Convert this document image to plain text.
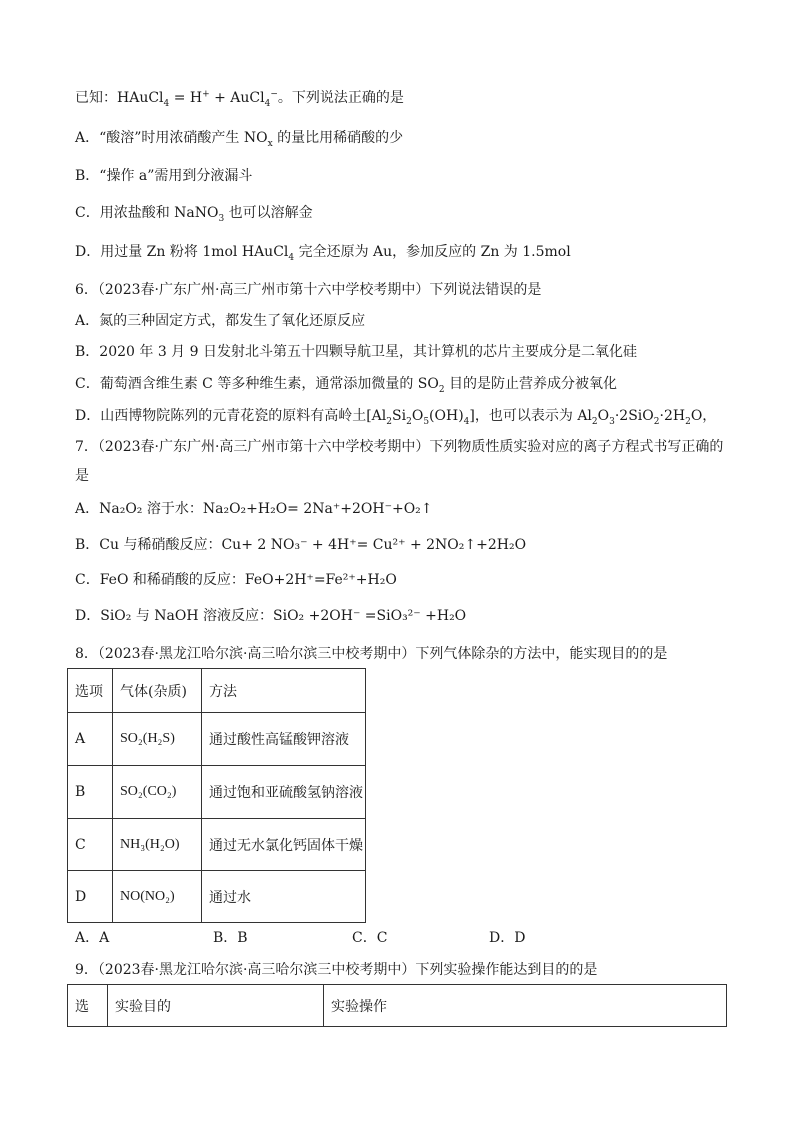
已知：HAuCl$_4$ = H+ + AuCl$_4$−。下列说法正确的是
A．“酸溶”时用浓硝酸产生 $NO_x$ 的量比用稀硝酸的少
B．“操作 a”需用到分液漏斗
C．用浓盐酸和 NaNO$_3$ 也可以溶解金
D．用过量 Zn 粉将 1mol HAuCl$_4$ 完全还原为 Au，参加反应的 Zn 为 1.5mol
6．（2023春·广东广州·高三广州市第十六中学校考期中）下列说法错误的是
A．氮的三种固定方式，都发生了氧化还原反应
B．2020 年 3 月 9 日发射北斗第五十四颗导航卫星，其计算机的芯片主要成分是二氧化硅
C．葡萄酒含维生素 C 等多种维生素，通常添加微量的 $SO_2$ 目的是防止营养成分被氧化
D．山西博物院陈列的元青花瓷的原料有高岭土$[Al_2Si_2O_5(OH)_4]$，也可以表示为 $Al_2O_3\cdot 2SiO_2\cdot 2H_2O$，
7．（2023春·广东广州·高三广州市第十六中学校考期中）下列物质性质实验对应的离子方程式书写正确的
是
A．Na₂O₂ 溶于水：Na₂O₂+H₂O= 2Na⁺+2OH⁻+O₂↑
B．Cu 与稀硝酸反应：Cu+ 2 NO₃⁻ + 4H⁺= Cu²⁺ + 2NO₂↑+2H₂O
C．FeO 和稀硝酸的反应：FeO+2H⁺=Fe²⁺+H₂O
D．SiO₂ 与 NaOH 溶液反应：SiO₂ +2OH⁻ =SiO₃²⁻ +H₂O
8．（2023春·黑龙江哈尔滨·高三哈尔滨三中校考期中）下列气体除杂的方法中，能实现目的的是
选项	气体(杂质)	方法
A	SO₂(H₂S)	通过酸性高锰酸钾溶液
B	SO₂(CO₂)	通过饱和亚硫酸氢钠溶液
C	NH₃(H₂O)	通过无水氯化钙固体干燥
D	NO(NO₂)	通过水
A．A	B．B	C．C	D．D
9．（2023春·黑龙江哈尔滨·高三哈尔滨三中校考期中）下列实验操作能达到目的的是
选	实验目的	实验操作
